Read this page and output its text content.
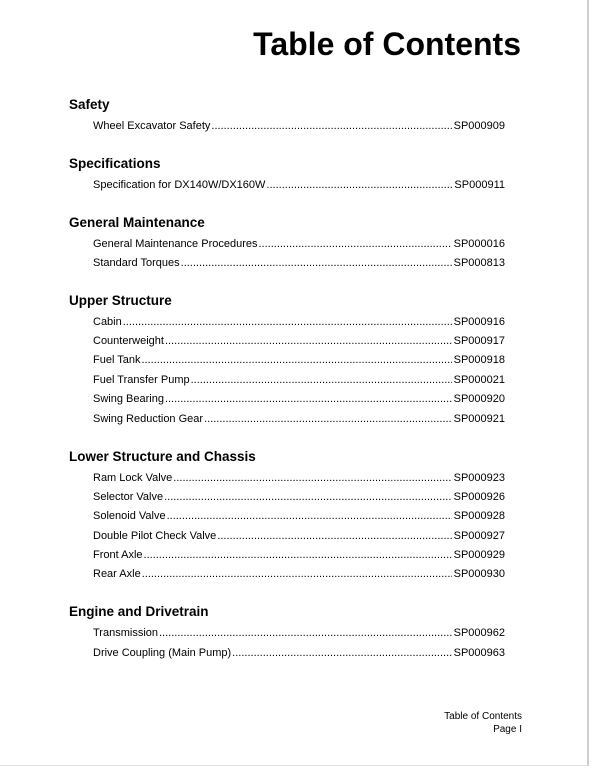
Table of Contents
Safety
Wheel Excavator Safety .....	SP000909
Specifications
Specification for DX140W/DX160W .....	SP000911
General Maintenance
General Maintenance Procedures .....	SP000016
Standard Torques .....	SP000813
Upper Structure
Cabin .....	SP000916
Counterweight .....	SP000917
Fuel Tank .....	SP000918
Fuel Transfer Pump .....	SP000021
Swing Bearing .....	SP000920
Swing Reduction Gear .....	SP000921
Lower Structure and Chassis
Ram Lock Valve .....	SP000923
Selector Valve .....	SP000926
Solenoid Valve .....	SP000928
Double Pilot Check Valve .....	SP000927
Front Axle .....	SP000929
Rear Axle .....	SP000930
Engine and Drivetrain
Transmission .....	SP000962
Drive Coupling (Main Pump) .....	SP000963
Table of Contents
Page I
